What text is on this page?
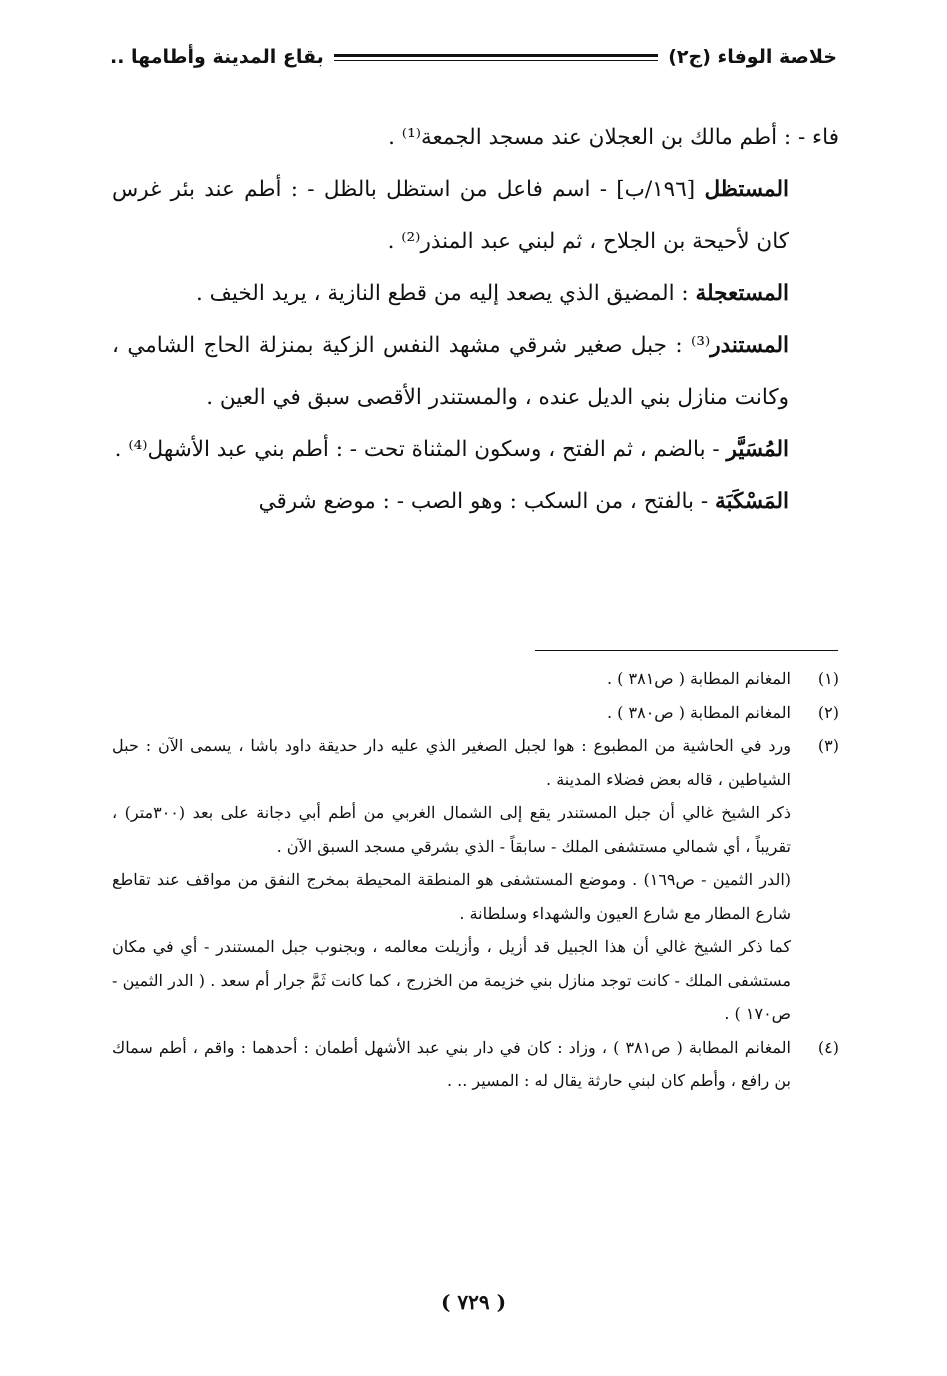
خلاصة الوفاء (ج٢)
بقاع المدينة وأطامها ..

فاء - : أطم مالك بن العجلان عند مسجد الجمعة⁽¹⁾ .

المستظل [١٩٦/ب] - اسم فاعل من استظل بالظل - : أطم عند بئر غرس كان لأحيحة بن الجلاح ، ثم لبني عبد المنذر⁽²⁾ .

المستعجلة : المضيق الذي يصعد إليه من قطع النازية ، يريد الخيف .

المستندر⁽³⁾ : جبل صغير شرقي مشهد النفس الزكية بمنزلة الحاج الشامي ، وكانت منازل بني الديل عنده ، والمستندر الأقصى سبق في العين .

المُسَيَّر - بالضم ، ثم الفتح ، وسكون المثناة تحت - : أطم بني عبد الأشهل⁽⁴⁾ .

المَسْكَبَة - بالفتح ، من السكب : وهو الصب - : موضع شرقي

(١)
المغانم المطابة ( ص٣٨١ ) .

(٢)
المغانم المطابة ( ص٣٨٠ ) .

(٣)
ورد في الحاشية من المطبوع : هوا لجبل الصغير الذي عليه دار حديقة داود باشا ، يسمى الآن : حبل الشياطين ، قاله بعض فضلاء المدينة .

ذكر الشيخ غالي أن جبل المستندر يقع إلى الشمال الغربي من أطم أبي دجانة على بعد (٣٠٠متر) ، تقريباً ، أي شمالي مستشفى الملك - سابقاً - الذي بشرقي مسجد السبق الآن .

(الدر الثمين - ص١٦٩) . وموضع المستشفى هو المنطقة المحيطة بمخرج النفق من مواقف عند تقاطع شارع المطار مع شارع العيون والشهداء وسلطانة .

كما ذكر الشيخ غالي أن هذا الجبيل قد أزيل ، وأزيلت معالمه ، وبجنوب جبل المستندر - أي في مكان مستشفى الملك - كانت توجد منازل بني خزيمة من الخزرج ، كما كانت ثَمَّ جرار أم سعد . ( الدر الثمين - ص١٧٠ ) .

(٤)
المغانم المطابة ( ص٣٨١ ) ، وزاد : كان في دار بني عبد الأشهل أطمان : أحدهما : واقم ، أطم سماك بن رافع ، وأطم كان لبني حارثة يقال له : المسير .. .

( ٧٢٩ )
